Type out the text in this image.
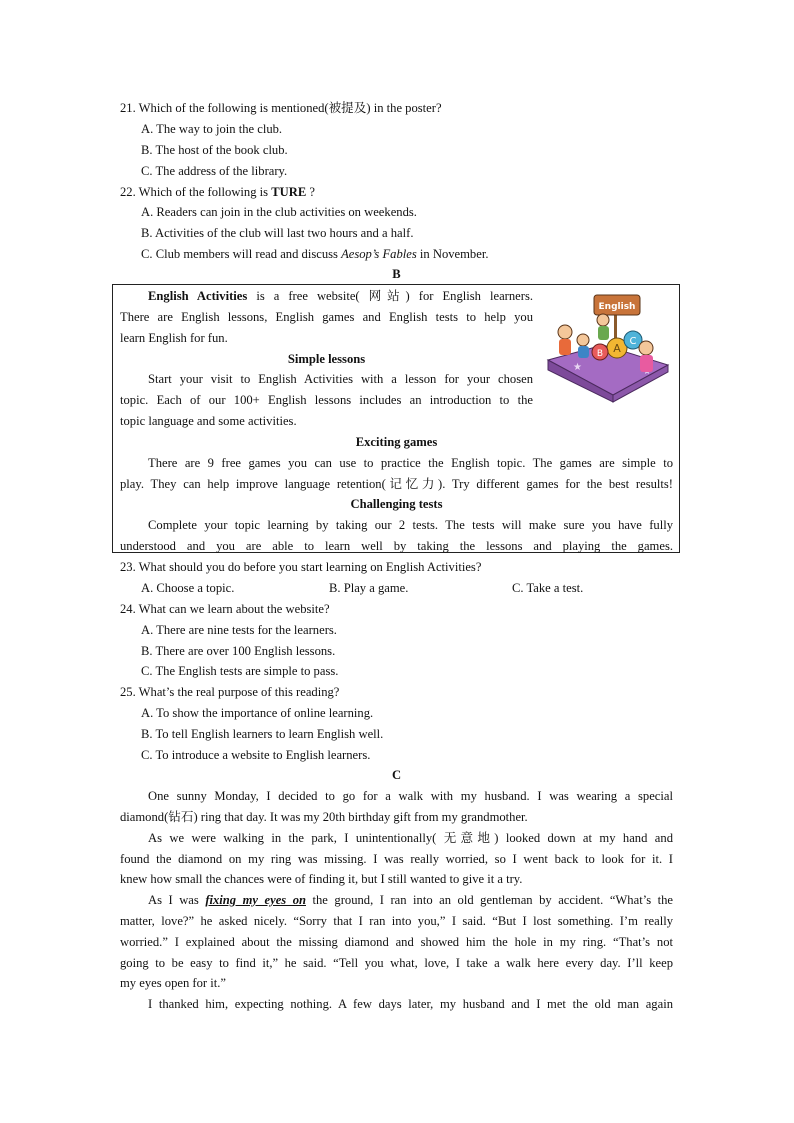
21. Which of the following is mentioned(被提及) in the poster?
A. The way to join the club.
B. The host of the book club.
C. The address of the library.
22. Which of the following is TURE ?
A. Readers can join in the club activities on weekends.
B. Activities of the club will last two hours and a half.
C. Club members will read and discuss Aesop’s Fables in November.
B
English Activities is a free website( 网站) for English learners.
There are English lessons, English games and English tests to help you
learn English for fun.
Simple lessons
Start your visit to English Activities with a lesson for your chosen
topic. Each of our 100+ English lessons includes an introduction to the
topic language and some activities.
Exciting games
There are 9 free games you can use to practice the English topic. The games are simple to
play. They can help improve language retention(记忆力). Try different games for the best results!
Challenging tests
Complete your topic learning by taking our 2 tests. The tests will make sure you have fully
understood and you are able to learn well by taking the lessons and playing the games.
English
★
A
C
B
23. What should you do before you start learning on English Activities?
A. Choose a topic.	B. Play a game.	C. Take a test.
24. What can we learn about the website?
A. There are nine tests for the learners.
B. There are over 100 English lessons.
C. The English tests are simple to pass.
25. What’s the real purpose of this reading?
A. To show the importance of online learning.
B. To tell English learners to learn English well.
C. To introduce a website to English learners.
C
One sunny Monday, I decided to go for a walk with my husband. I was wearing a special
diamond(钻石) ring that day. It was my 20th birthday gift from my grandmother.
As we were walking in the park, I unintentionally( 无意地) looked down at my hand and
found the diamond on my ring was missing. I was really worried, so I went back to look for it. I
knew how small the chances were of finding it, but I still wanted to give it a try.
As I was fixing my eyes on the ground, I ran into an old gentleman by accident. “What’s the
matter, love?” he asked nicely. “Sorry that I ran into you,” I said. “But I lost something. I’m really
worried.” I explained about the missing diamond and showed him the hole in my ring. “That’s not
going to be easy to find it,” he said. “Tell you what, love, I take a walk here every day. I’ll keep
my eyes open for it.”
I thanked him, expecting nothing. A few days later, my husband and I met the old man again
